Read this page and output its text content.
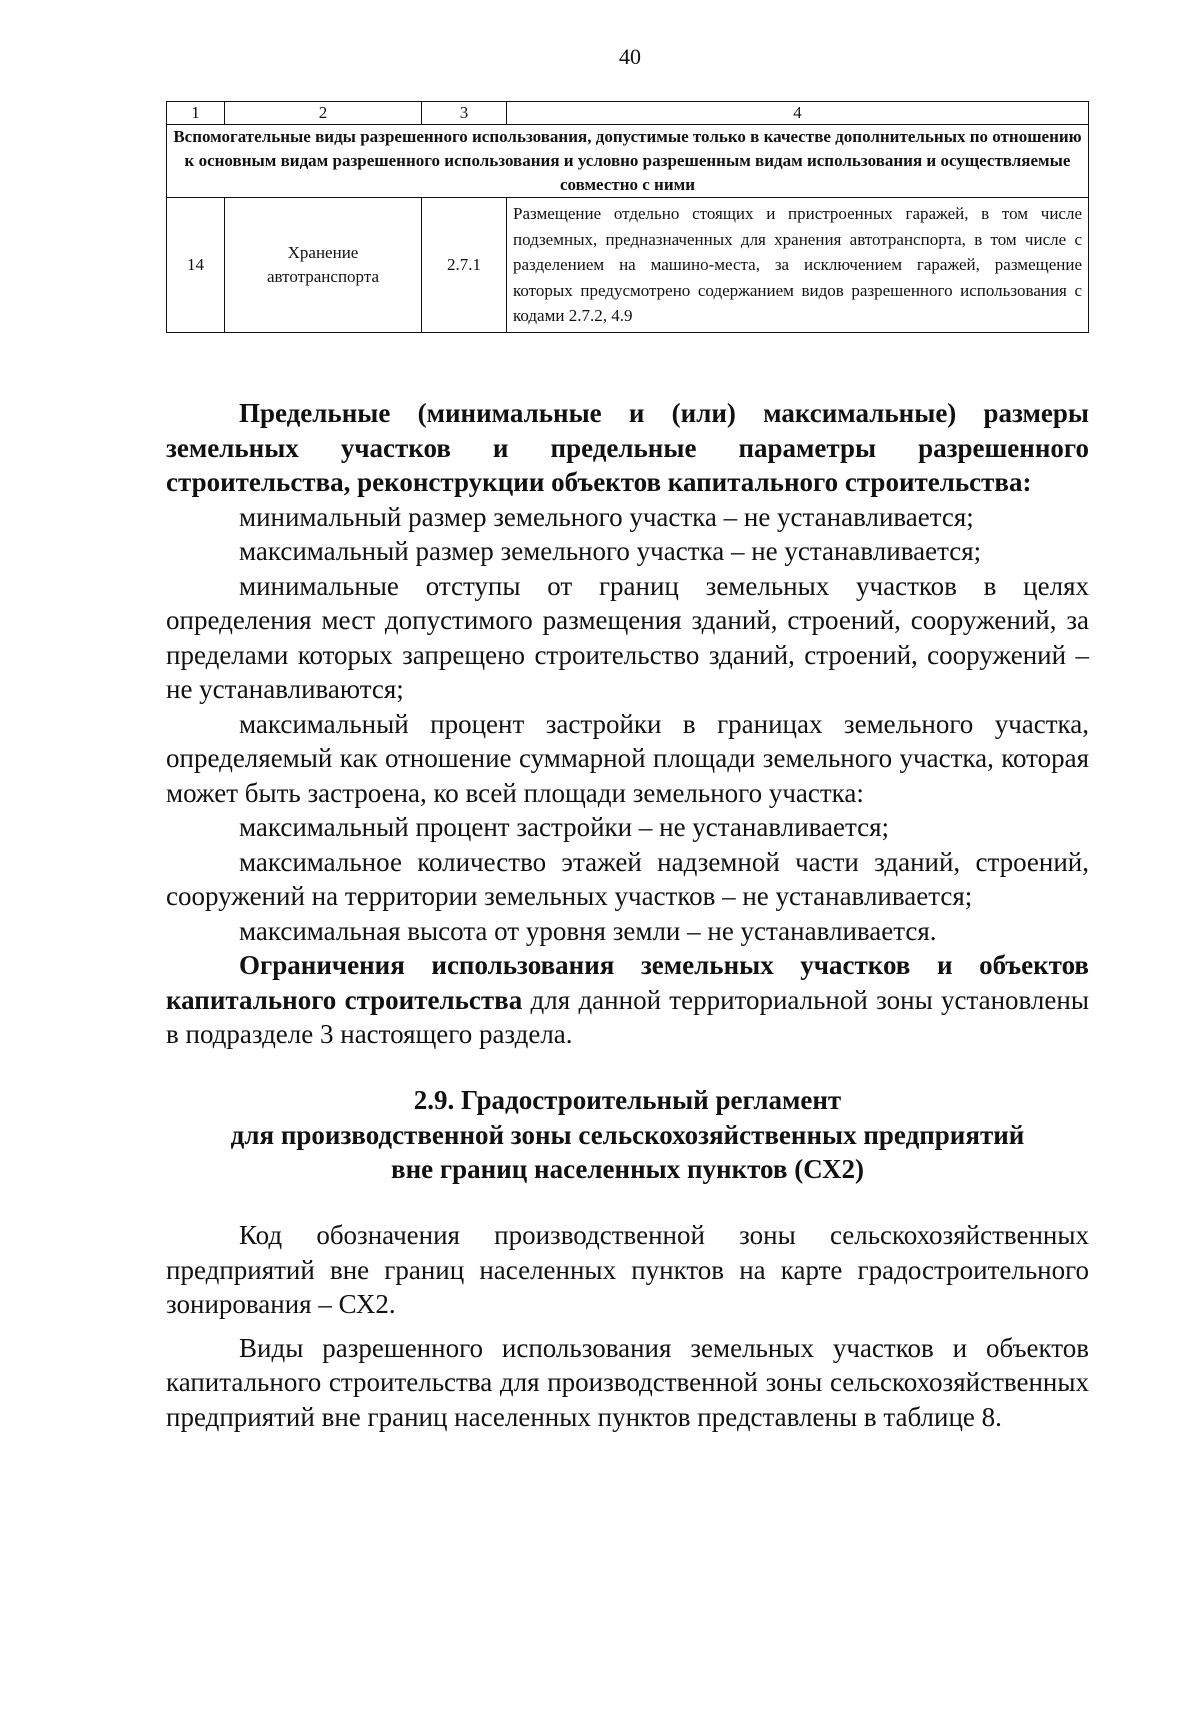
40
1	2	3	4
Вспомогательные виды разрешенного использования, допустимые только в качестве дополнительных по отношению к основным видам разрешенного использования и условно разрешенным видам использования и осуществляемые совместно с ними			
14	Хранение автотранспорта	2.7.1	Размещение отдельно стоящих и пристроенных гаражей, в том числе подземных, предназначенных для хранения автотранспорта, в том числе с разделением на машино-места, за исключением гаражей, размещение которых предусмотрено содержанием видов разрешенного использования с кодами 2.7.2, 4.9

Предельные (минимальные и (или) максимальные) размеры земельных участков и предельные параметры разрешенного строительства, реконструкции объектов капитального строительства:

минимальный размер земельного участка – не устанавливается;

максимальный размер земельного участка – не устанавливается;

минимальные отступы от границ земельных участков в целях определения мест допустимого размещения зданий, строений, сооружений, за пределами которых запрещено строительство зданий, строений, сооружений – не устанавливаются;

максимальный процент застройки в границах земельного участка, определяемый как отношение суммарной площади земельного участка, которая может быть застроена, ко всей площади земельного участка:

максимальный процент застройки – не устанавливается;

максимальное количество этажей надземной части зданий, строений, сооружений на территории земельных участков – не устанавливается;

максимальная высота от уровня земли – не устанавливается.

Ограничения использования земельных участков и объектов капитального строительства для данной территориальной зоны установлены в подразделе 3 настоящего раздела.

2.9. Градостроительный регламент
для производственной зоны сельскохозяйственных предприятий
вне границ населенных пунктов (СХ2)

Код обозначения производственной зоны сельскохозяйственных предприятий вне границ населенных пунктов на карте градостроительного зонирования – СХ2.

Виды разрешенного использования земельных участков и объектов капитального строительства для производственной зоны сельскохозяйственных предприятий вне границ населенных пунктов представлены в таблице 8.
